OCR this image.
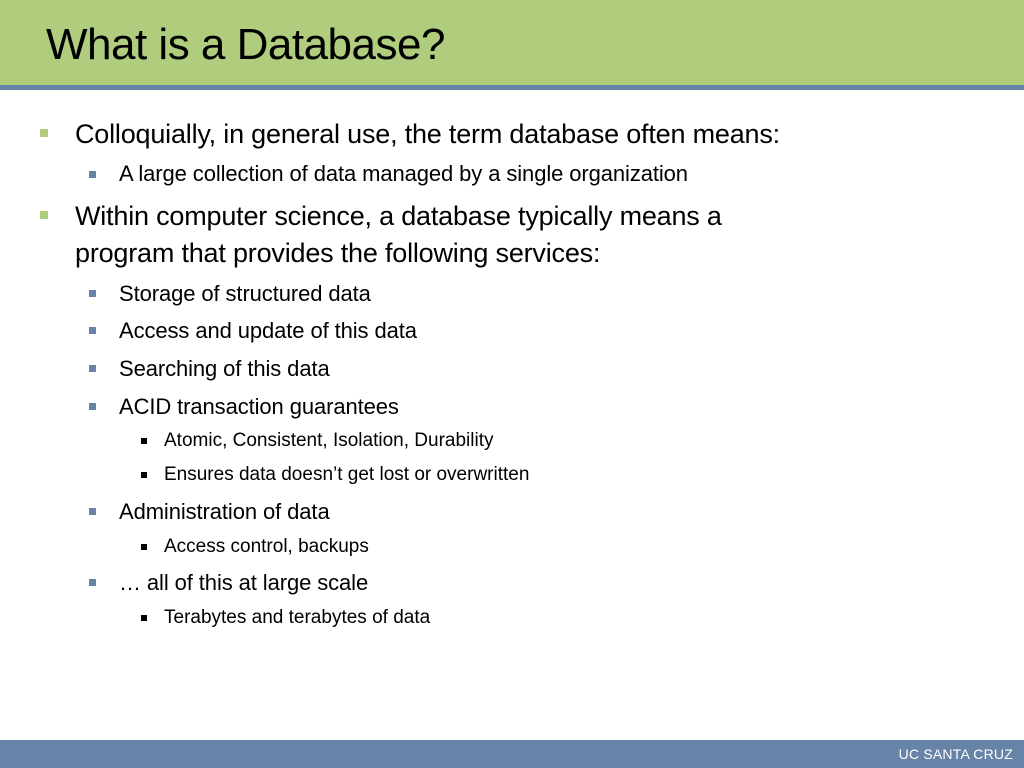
What is a Database?
Colloquially, in general use, the term database often means:
A large collection of data managed by a single organization
Within computer science, a database typically means a
program that provides the following services:
Storage of structured data
Access and update of this data
Searching of this data
ACID transaction guarantees
Atomic, Consistent, Isolation, Durability
Ensures data doesn’t get lost or overwritten
Administration of data
Access control, backups
… all of this at large scale
Terabytes and terabytes of data
UC SANTA CRUZ
